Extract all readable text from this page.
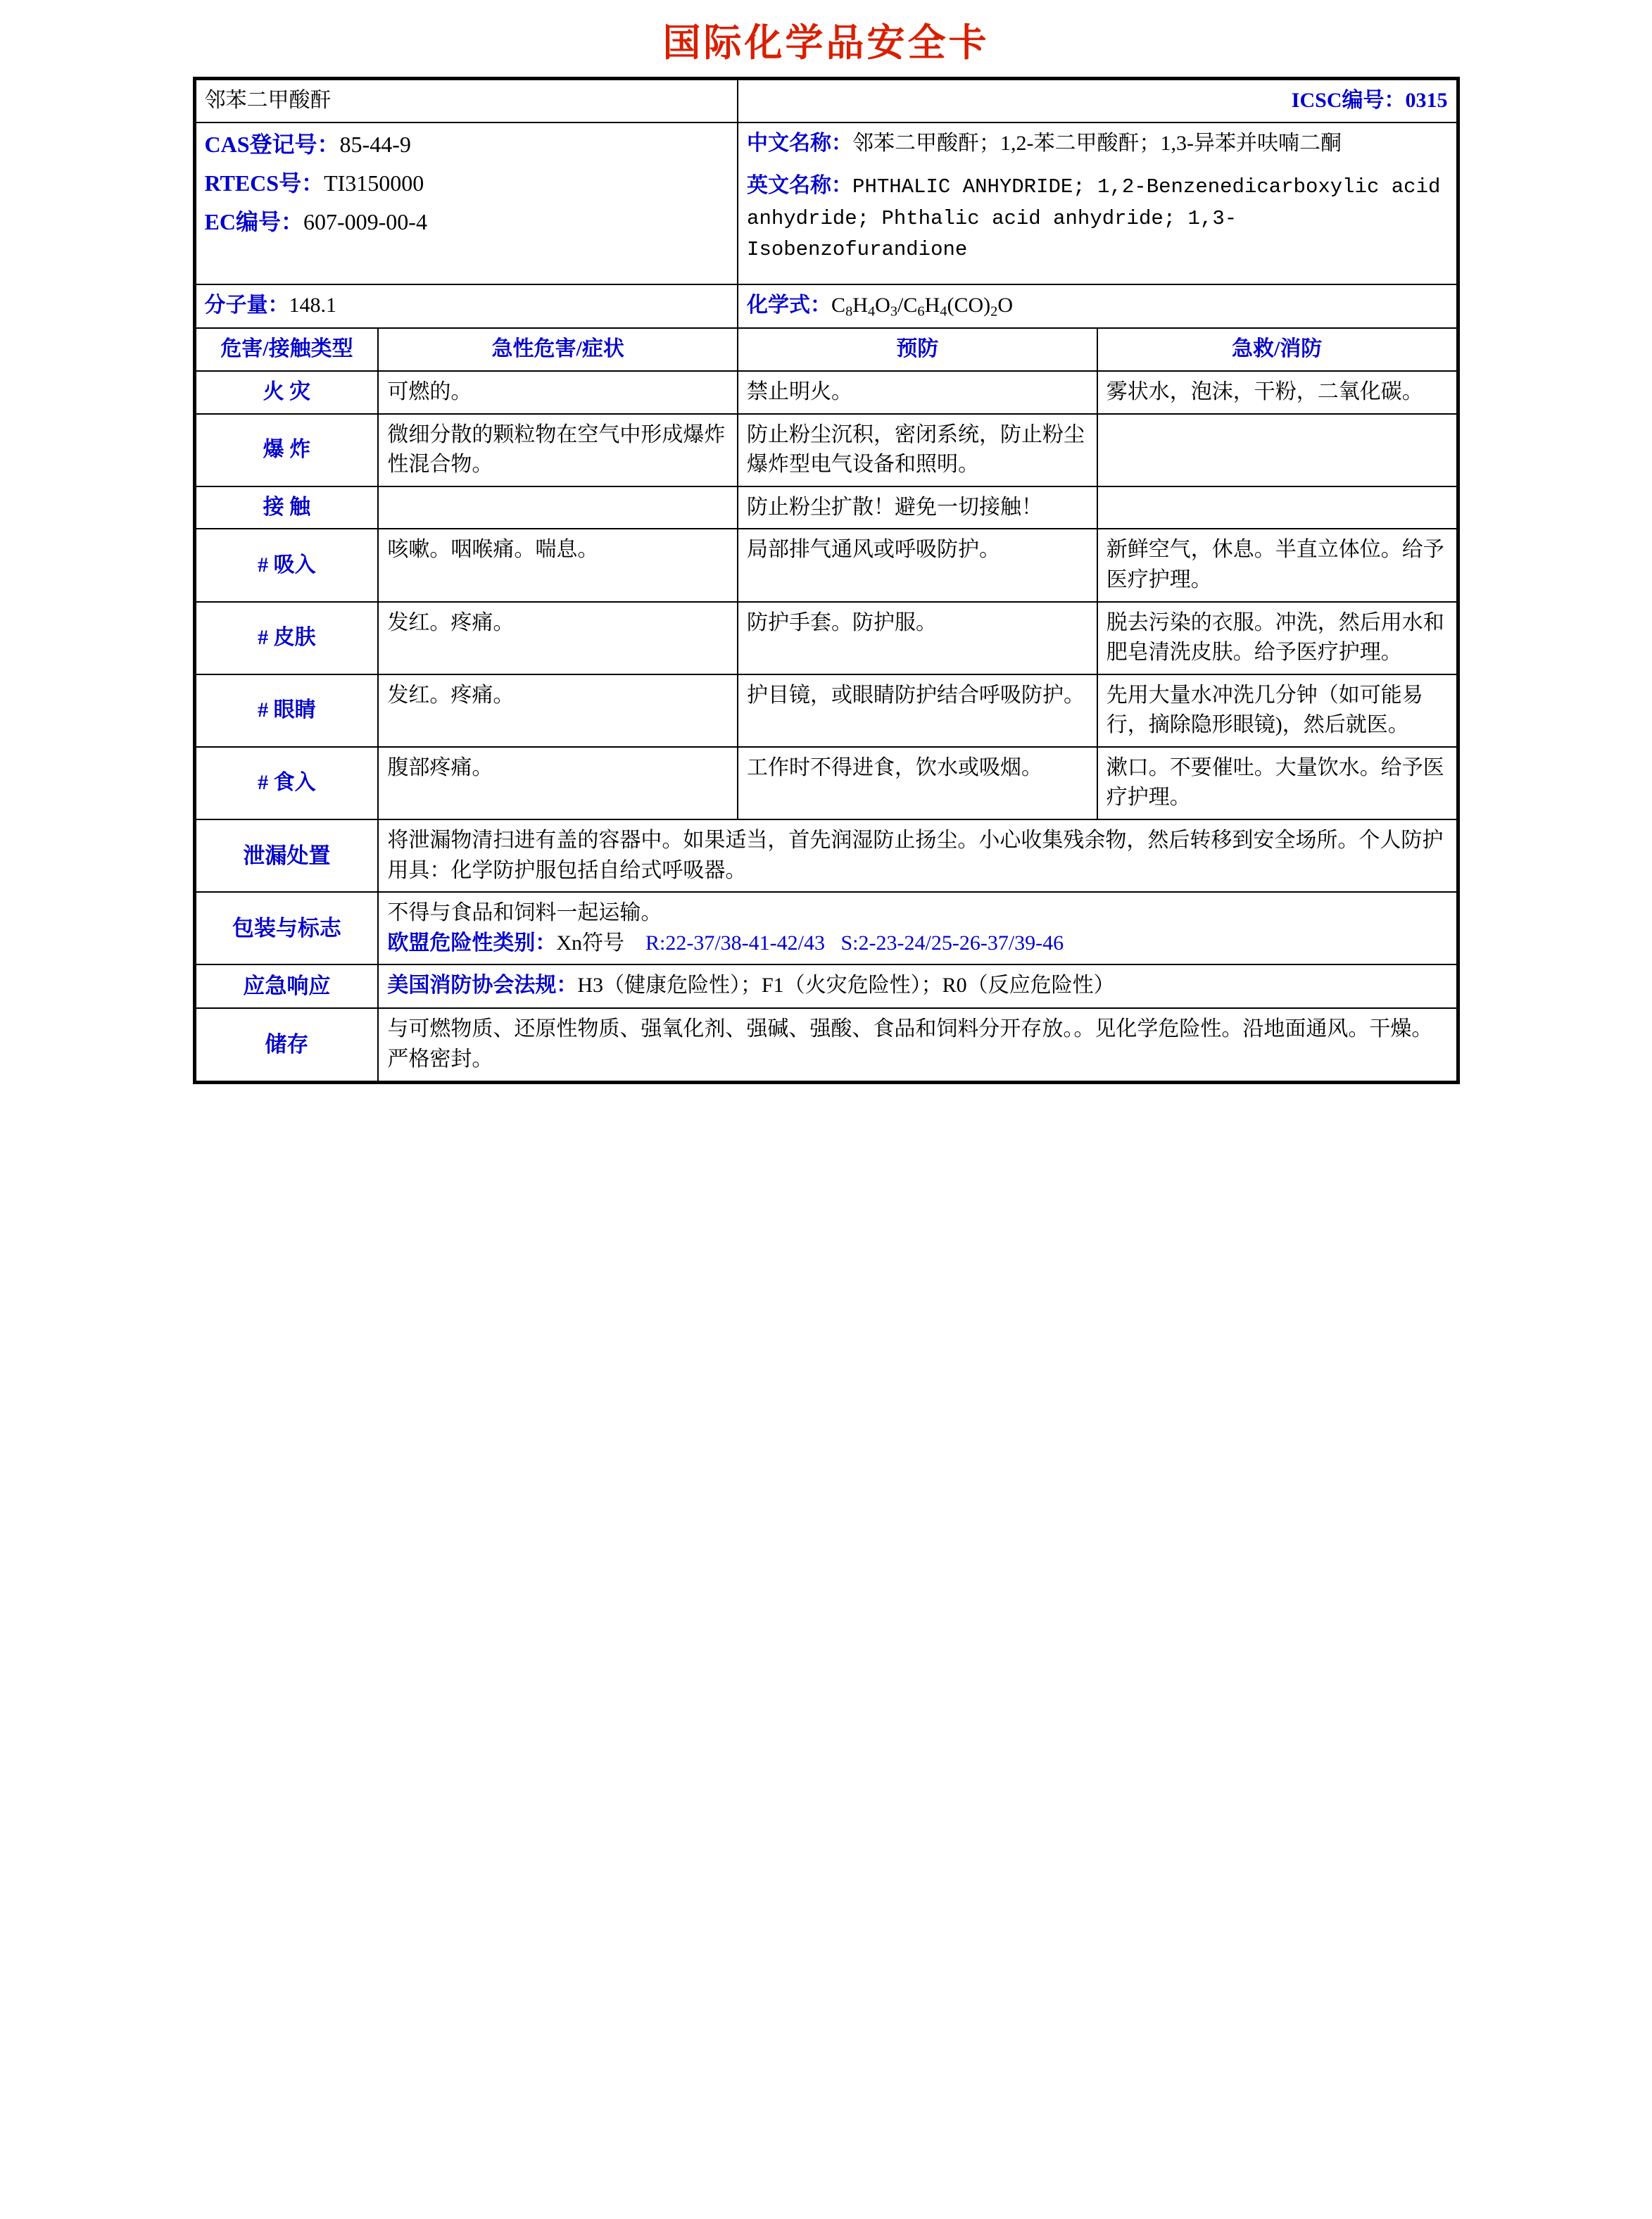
国际化学品安全卡
邻苯二甲酸酐		ICSC编号：0315	

CAS登记号：85-44-9

RTECS号：TI3150000

EC编号：607-009-00-4

中文名称：邻苯二甲酸酐；1,2-苯二甲酸酐；1,3-异苯并呋喃二酮

英文名称：PHTHALIC ANHYDRIDE; 1,2-Benzenedicarboxylic acid anhydride; Phthalic acid anhydride; 1,3-Isobenzofurandione

分子量：148.1		化学式：$C_8H_4O_3/C_6H_4(CO)_2O$	
危害/接触类型	急性危害/症状	预防	急救/消防
火 灾	可燃的。	禁止明火。	雾状水，泡沫，干粉，二氧化碳。
爆 炸	微细分散的颗粒物在空气中形成爆炸性混合物。	防止粉尘沉积，密闭系统，防止粉尘爆炸型电气设备和照明。	
接 触		防止粉尘扩散！避免一切接触！	
# 吸入	咳嗽。咽喉痛。喘息。	局部排气通风或呼吸防护。	新鲜空气，休息。半直立体位。给予医疗护理。
# 皮肤	发红。疼痛。	防护手套。防护服。	脱去污染的衣服。冲洗，然后用水和肥皂清洗皮肤。给予医疗护理。
# 眼睛	发红。疼痛。	护目镜，或眼睛防护结合呼吸防护。	先用大量水冲洗几分钟（如可能易行，摘除隐形眼镜)，然后就医。
# 食入	腹部疼痛。	工作时不得进食，饮水或吸烟。	漱口。不要催吐。大量饮水。给予医疗护理。
泄漏处置	将泄漏物清扫进有盖的容器中。如果适当，首先润湿防止扬尘。小心收集残余物，然后转移到安全场所。个人防护用具：化学防护服包括自给式呼吸器。		
包装与标志	不得与食品和饲料一起运输。
欧盟危险性类别：Xn符号 R:22-37/38-41-42/43 S:2-23-24/25-26-37/39-46		

应急响应	美国消防协会法规：H3（健康危险性）；F1（火灾危险性）；R0（反应危险性）		
储存	与可燃物质、还原性物质、强氧化剂、强碱、强酸、食品和饲料分开存放。。见化学危险性。沿地面通风。干燥。严格密封。		
